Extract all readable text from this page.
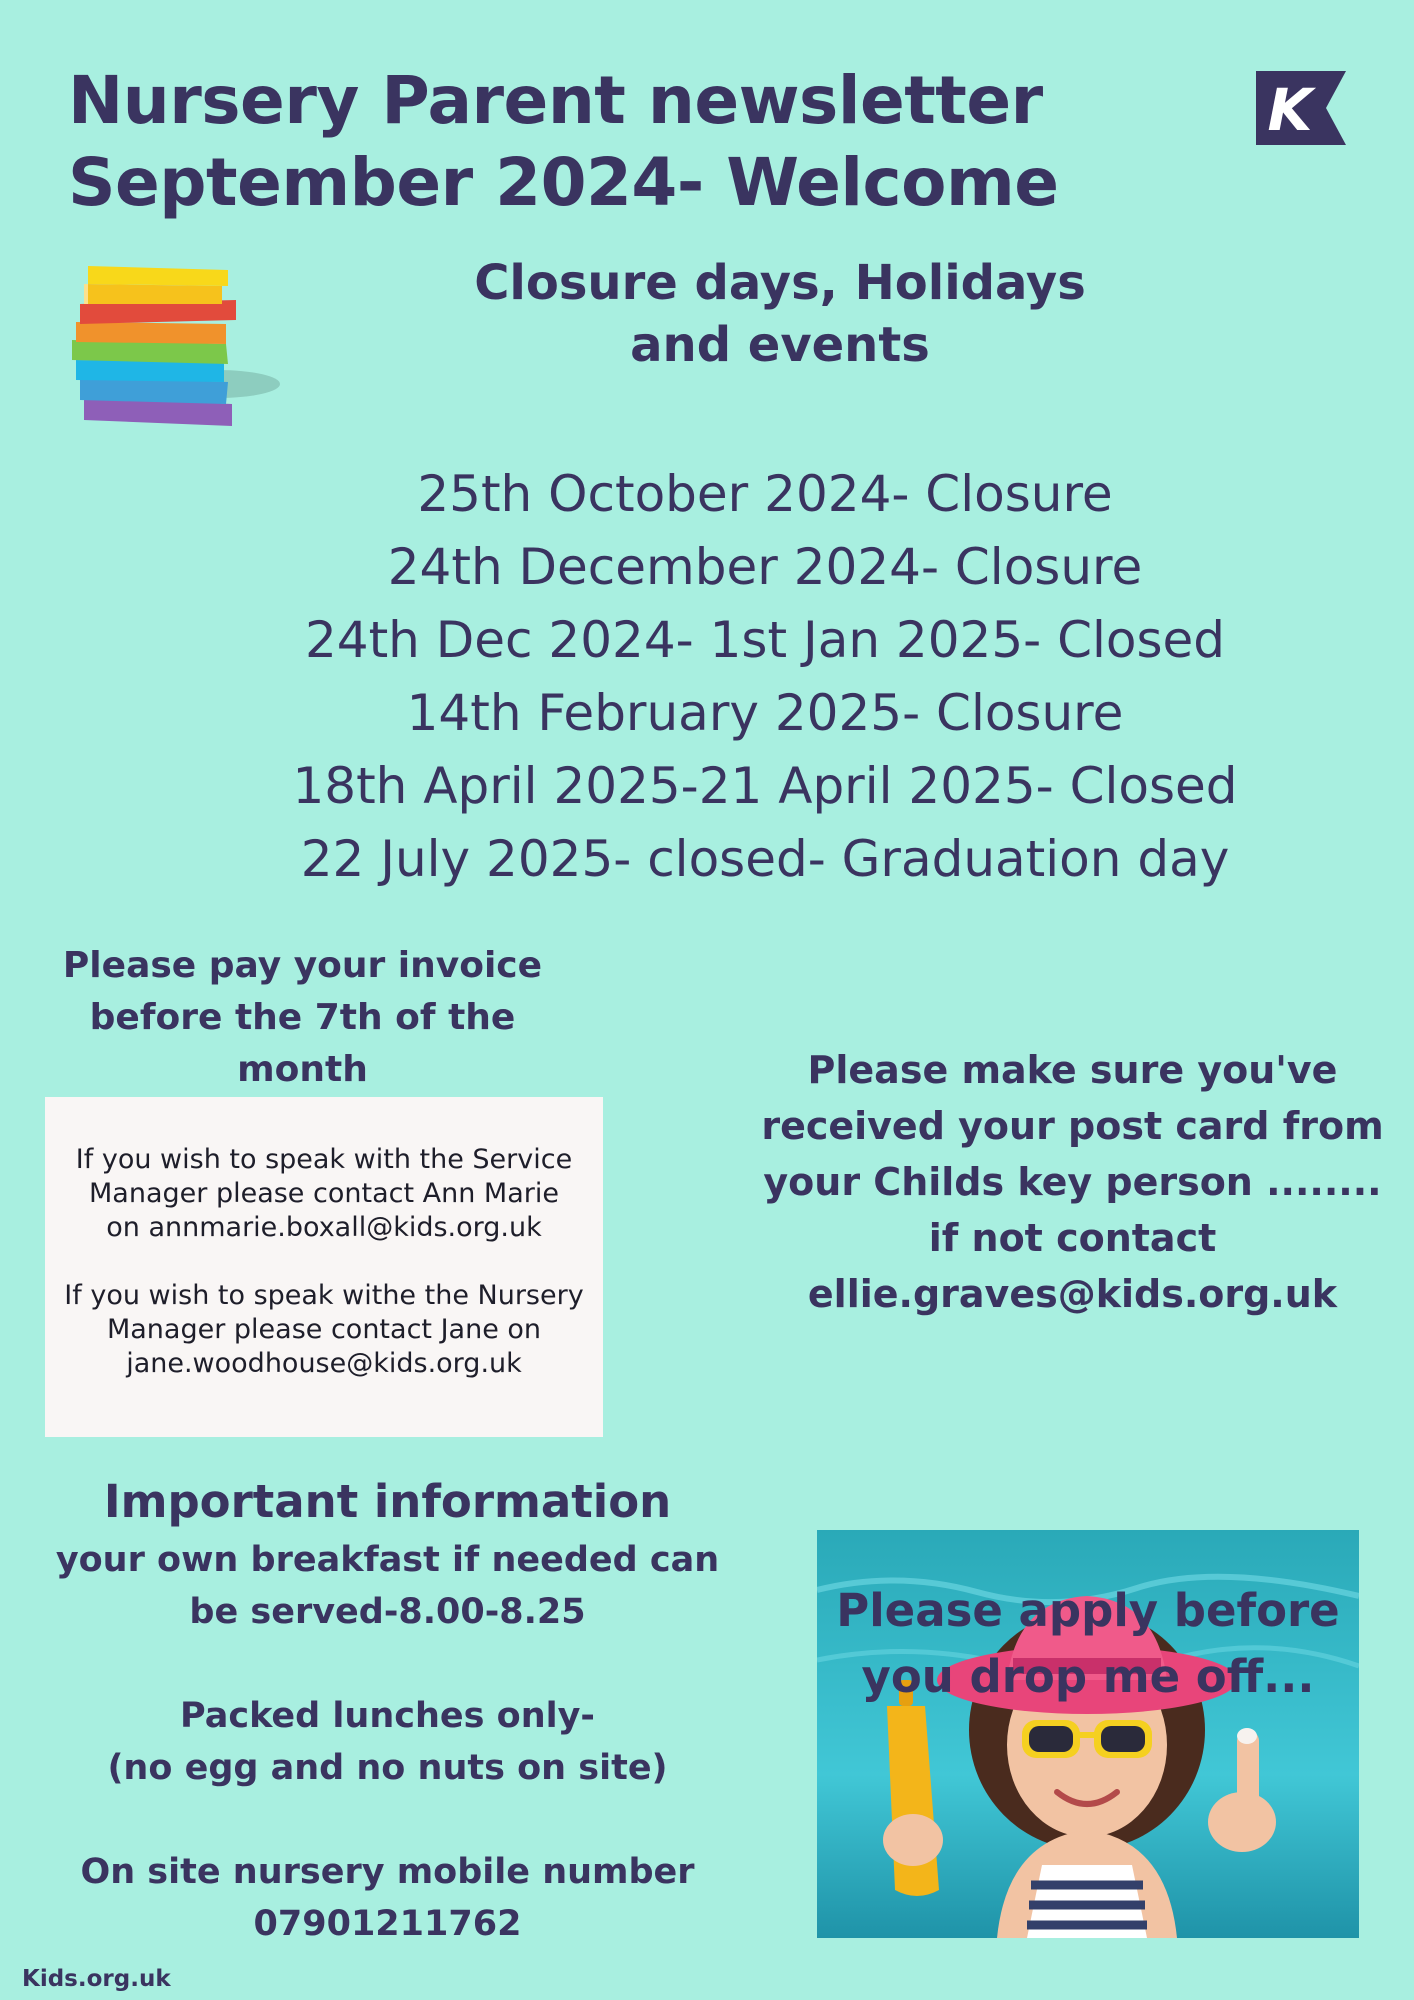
Nursery Parent newsletter
September 2024- Welcome
K
Closure days, Holidays
and events
25th October 2024- Closure
24th December 2024- Closure
24th Dec 2024- 1st Jan 2025- Closed
14th February 2025- Closure
18th April 2025-21 April 2025- Closed
22 July 2025- closed- Graduation day
Please pay your invoice
before the 7th of the month

If you wish to speak with the Service

Manager please contact Ann Marie

on annmarie.boxall@kids.org.uk

If you wish to speak withe the Nursery

Manager please contact Jane on

jane.woodhouse@kids.org.uk

Please make sure you've
received your post card from
your Childs key person ........
if not contact
ellie.graves@kids.org.uk
Important information
your own breakfast if needed can
be served-8.00-8.25
Packed lunches only-
(no egg and no nuts on site)
On site nursery mobile number
07901211762
Please apply before
you drop me off...
Kids.org.uk
